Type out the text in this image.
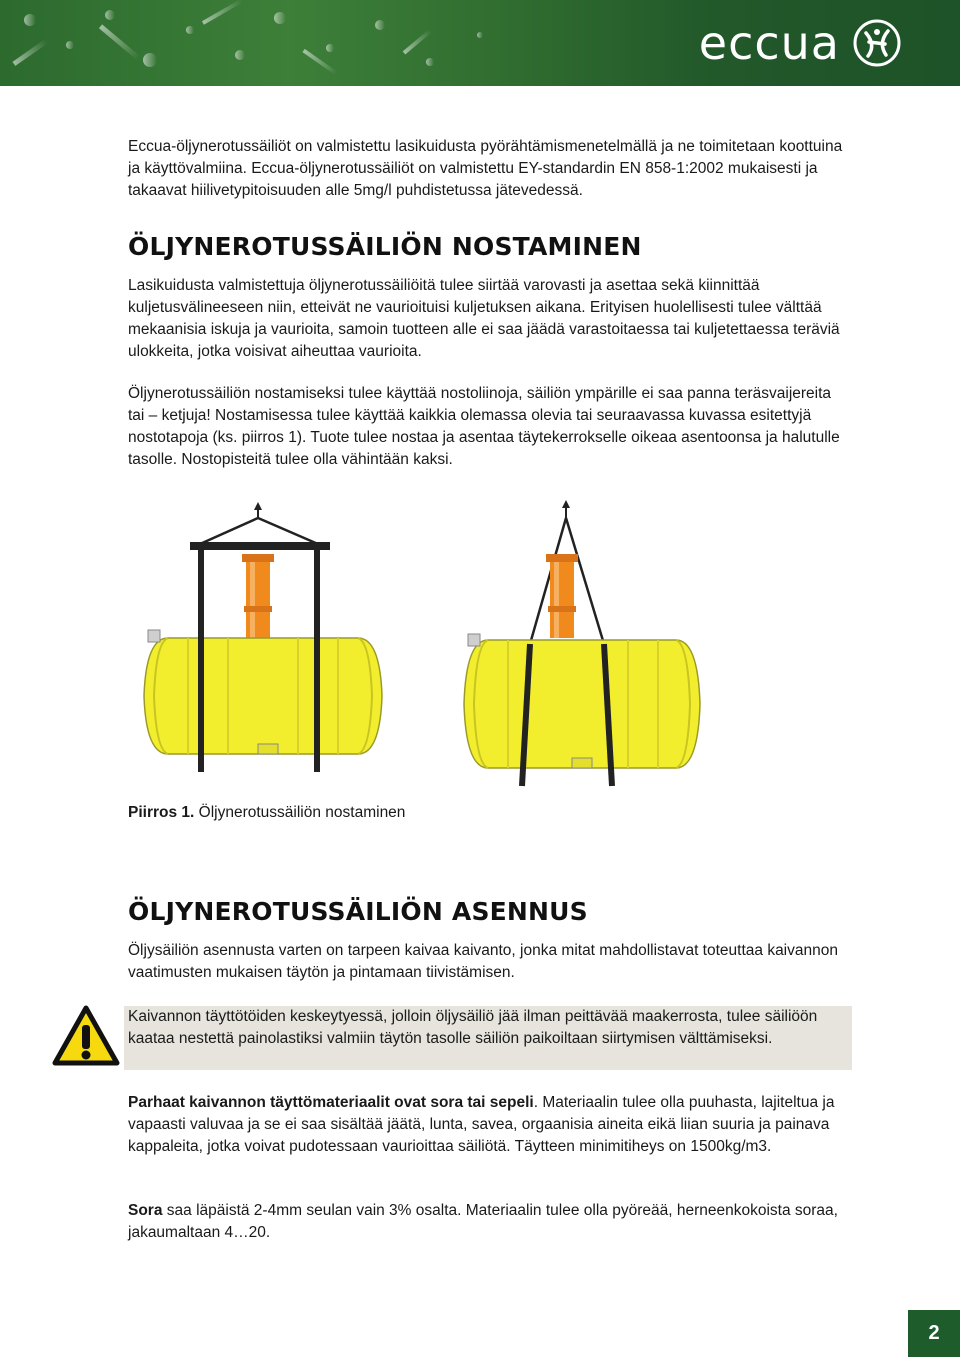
eccua

Eccua-öljynerotussäiliöt on valmistettu lasikuidusta pyörähtämismenetelmällä ja ne toimitetaan koottuina ja käyttövalmiina. Eccua-öljynerotussäiliöt on valmistettu EY-standardin EN 858-1:2002 mukaisesti ja takaavat hiilivetypitoisuuden alle 5mg/l puhdistetussa jätevedessä.

ÖLJYNEROTUSSÄILIÖN NOSTAMINEN

Lasikuidusta valmistettuja öljynerotussäiliöitä tulee siirtää varovasti ja asettaa sekä kiinnittää kuljetusvälineeseen niin, etteivät ne vaurioituisi kuljetuksen aikana. Erityisen huolellisesti tulee välttää mekaanisia iskuja ja vaurioita, samoin tuotteen alle ei saa jäädä varastoitaessa tai kuljetettaessa teräviä ulokkeita, jotka voisivat aiheuttaa vaurioita.

Öljynerotussäiliön nostamiseksi tulee käyttää nostoliinoja, säiliön ympärille ei saa panna teräsvaijereita tai – ketjuja! Nostamisessa tulee käyttää kaikkia olemassa olevia tai seuraavassa kuvassa esitettyjä nostotapoja (ks. piirros 1). Tuote tulee nostaa ja asentaa täytekerrokselle oikeaa asentoonsa ja halutulle tasolle. Nostopisteitä tulee olla vähintään kaksi.

Piirros 1. Öljynerotussäiliön nostaminen
ÖLJYNEROTUSSÄILIÖN ASENNUS

Öljysäiliön asennusta varten on tarpeen kaivaa kaivanto, jonka mitat mahdollistavat toteuttaa kaivannon vaatimusten mukaisen täytön ja pintamaan tiivistämisen.

Kaivannon täyttötöiden keskeytyessä, jolloin öljysäiliö jää ilman peittävää maakerrosta, tulee säiliöön kaataa nestettä painolastiksi valmiin täytön tasolle säiliön paikoiltaan siirtymisen välttämiseksi.

Parhaat kaivannon täyttömateriaalit ovat sora tai sepeli. Materiaalin tulee olla puuhasta, lajiteltua ja vapaasti valuvaa ja se ei saa sisältää jäätä, lunta, savea, orgaanisia aineita eikä liian suuria ja painava kappaleita, jotka voivat pudotessaan vaurioittaa säiliötä. Täytteen minimitiheys on 1500kg/m3.

Sora saa läpäistä 2-4mm seulan vain 3% osalta. Materiaalin tulee olla pyöreää, herneenkokoista soraa, jakaumaltaan 4…20.

2
